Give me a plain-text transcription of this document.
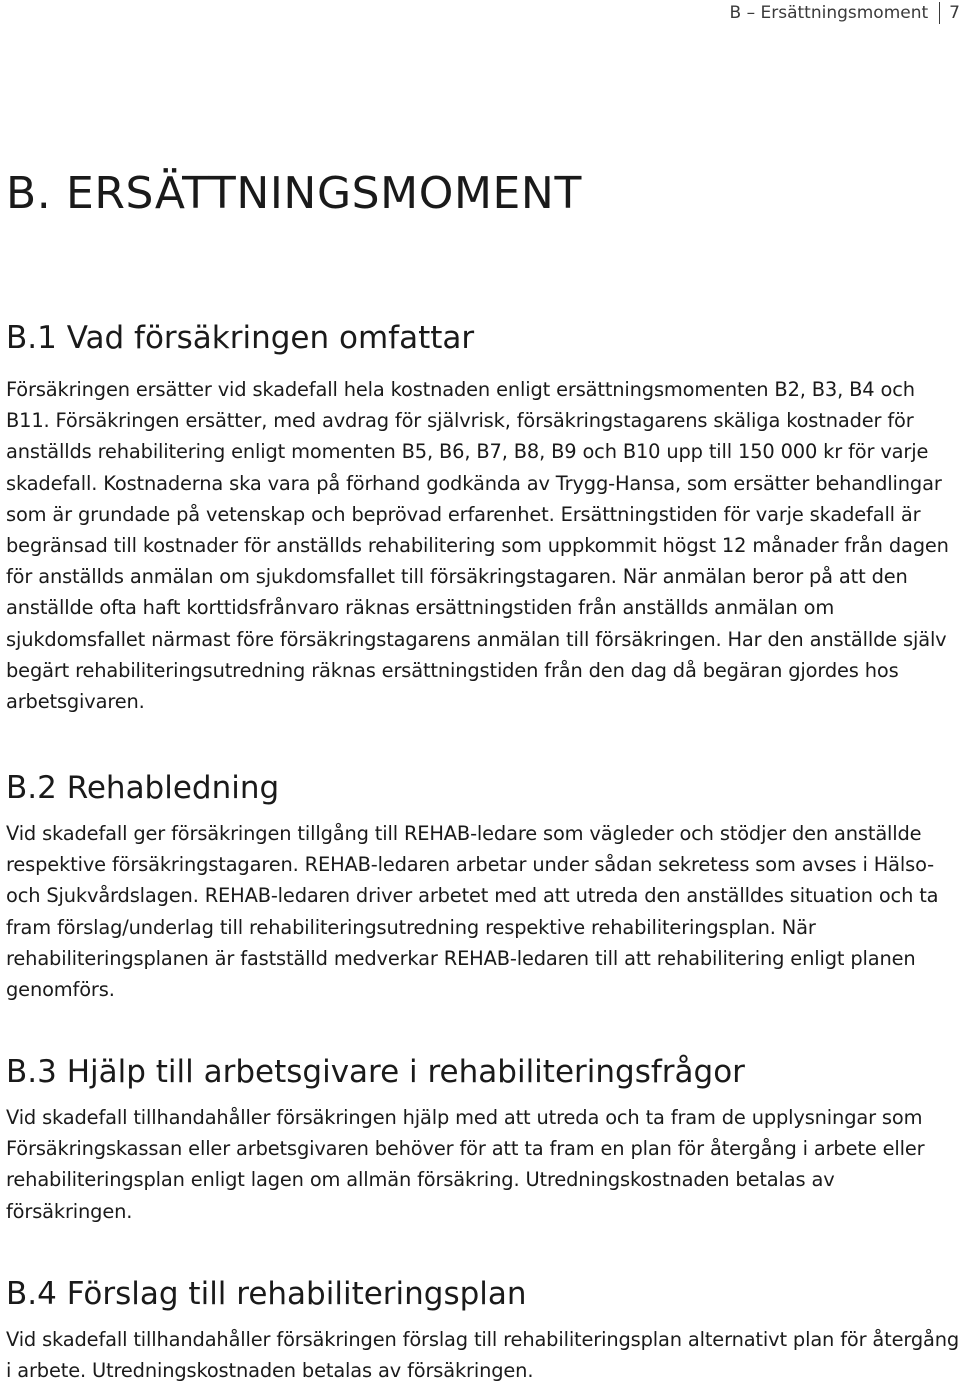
B – Ersättningsmoment 7
B. ERSÄTTNINGSMOMENT
B.1 Vad försäkringen omfattar

Försäkringen ersätter vid skadefall hela kostnaden enligt ersättningsmomenten B2, B3, B4 och B11. Försäkringen ersätter, med avdrag för självrisk, försäkringstagarens skäliga kostnader för anställds rehabilitering enligt momenten B5, B6, B7, B8, B9 och B10 upp till 150 000 kr för varje skadefall. Kostnaderna ska vara på förhand godkända av Trygg-Hansa, som ersätter behandlingar som är grundade på vetenskap och beprövad erfarenhet. Ersättningstiden för varje skadefall är begränsad till kostnader för anställds rehabilitering som uppkommit högst 12 månader från dagen för anställds anmälan om sjukdomsfallet till försäkringstagaren. När anmälan beror på att den anställde ofta haft korttidsfrånvaro räknas ersättningstiden från anställds anmälan om sjukdomsfallet närmast före försäkringstagarens anmälan till försäkringen. Har den anställde själv begärt rehabiliteringsutredning räknas ersättningstiden från den dag då begäran gjordes hos arbetsgivaren.

B.2 Rehabledning

Vid skadefall ger försäkringen tillgång till REHAB-ledare som vägleder och stödjer den anställde respektive försäkringstagaren. REHAB-ledaren arbetar under sådan sekretess som avses i Hälso- och Sjukvårdslagen. REHAB-ledaren driver arbetet med att utreda den anställdes situation och ta fram förslag/underlag till rehabiliteringsutredning respektive rehabiliteringsplan. När rehabiliteringsplanen är fastställd medverkar REHAB-ledaren till att rehabilitering enligt planen genomförs.

B.3 Hjälp till arbetsgivare i rehabiliteringsfrågor

Vid skadefall tillhandahåller försäkringen hjälp med att utreda och ta fram de upplysningar som Försäkringskassan eller arbetsgivaren behöver för att ta fram en plan för återgång i arbete eller rehabiliteringsplan enligt lagen om allmän försäkring. Utredningskostnaden betalas av försäkringen.

B.4 Förslag till rehabiliteringsplan

Vid skadefall tillhandahåller försäkringen förslag till rehabiliteringsplan alternativt plan för återgång i arbete. Utredningskostnaden betalas av försäkringen.
